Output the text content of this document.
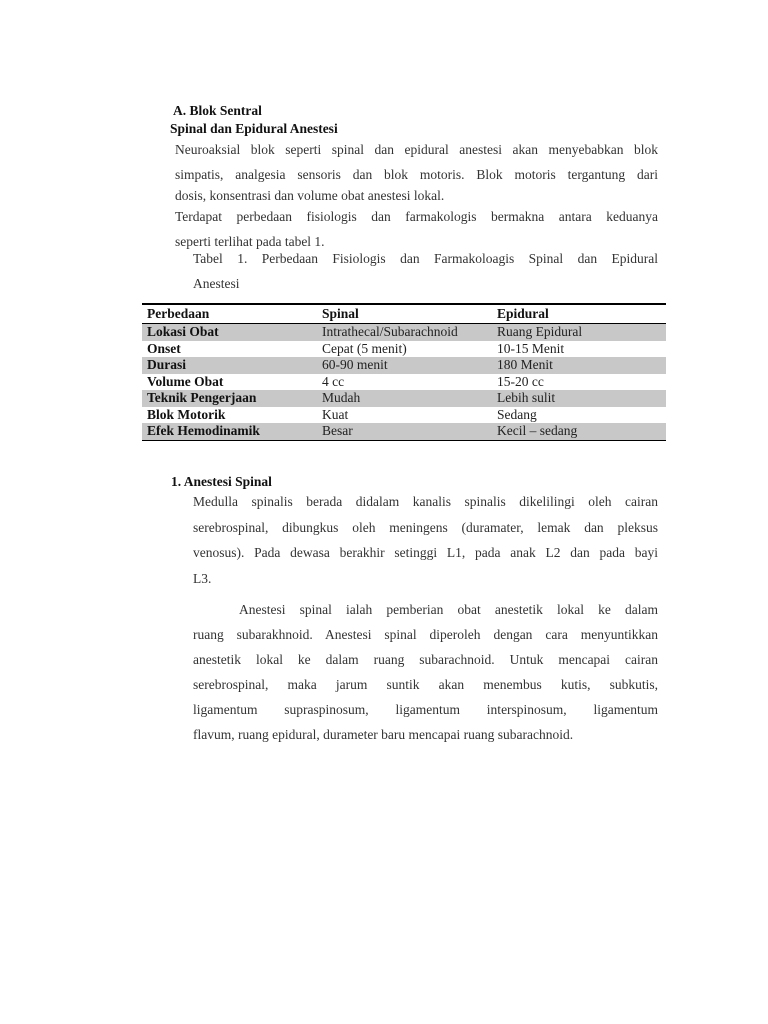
A. Blok Sentral
Spinal dan Epidural Anestesi
Neuroaksial blok seperti spinal dan epidural anestesi akan menyebabkan blok
simpatis, analgesia sensoris dan blok motoris. Blok motoris tergantung dari
dosis, konsentrasi dan volume obat anestesi lokal.
Terdapat perbedaan fisiologis dan farmakologis bermakna antara keduanya
seperti terlihat pada tabel 1.
Tabel 1. Perbedaan Fisiologis dan Farmakoloagis Spinal dan Epidural
Anestesi
Perbedaan	Spinal	Epidural
Lokasi Obat	Intrathecal/Subarachnoid	Ruang Epidural
Onset	Cepat (5 menit)	10-15 Menit
Durasi	60-90 menit	180 Menit
Volume Obat	4 cc	15-20 cc
Teknik Pengerjaan	Mudah	Lebih sulit
Blok Motorik	Kuat	Sedang
Efek Hemodinamik	Besar	Kecil – sedang
1. Anestesi Spinal
Medulla spinalis berada didalam kanalis spinalis dikelilingi oleh cairan
serebrospinal, dibungkus oleh meningens (duramater, lemak dan pleksus
venosus). Pada dewasa berakhir setinggi L1, pada anak L2 dan pada bayi
L3.
Anestesi spinal ialah pemberian obat anestetik lokal ke dalam
ruang subarakhnoid. Anestesi spinal diperoleh dengan cara menyuntikkan
anestetik lokal ke dalam ruang subarachnoid. Untuk mencapai cairan
serebrospinal, maka jarum suntik akan menembus kutis, subkutis,
ligamentum supraspinosum, ligamentum interspinosum, ligamentum
flavum, ruang epidural, durameter baru mencapai ruang subarachnoid.
